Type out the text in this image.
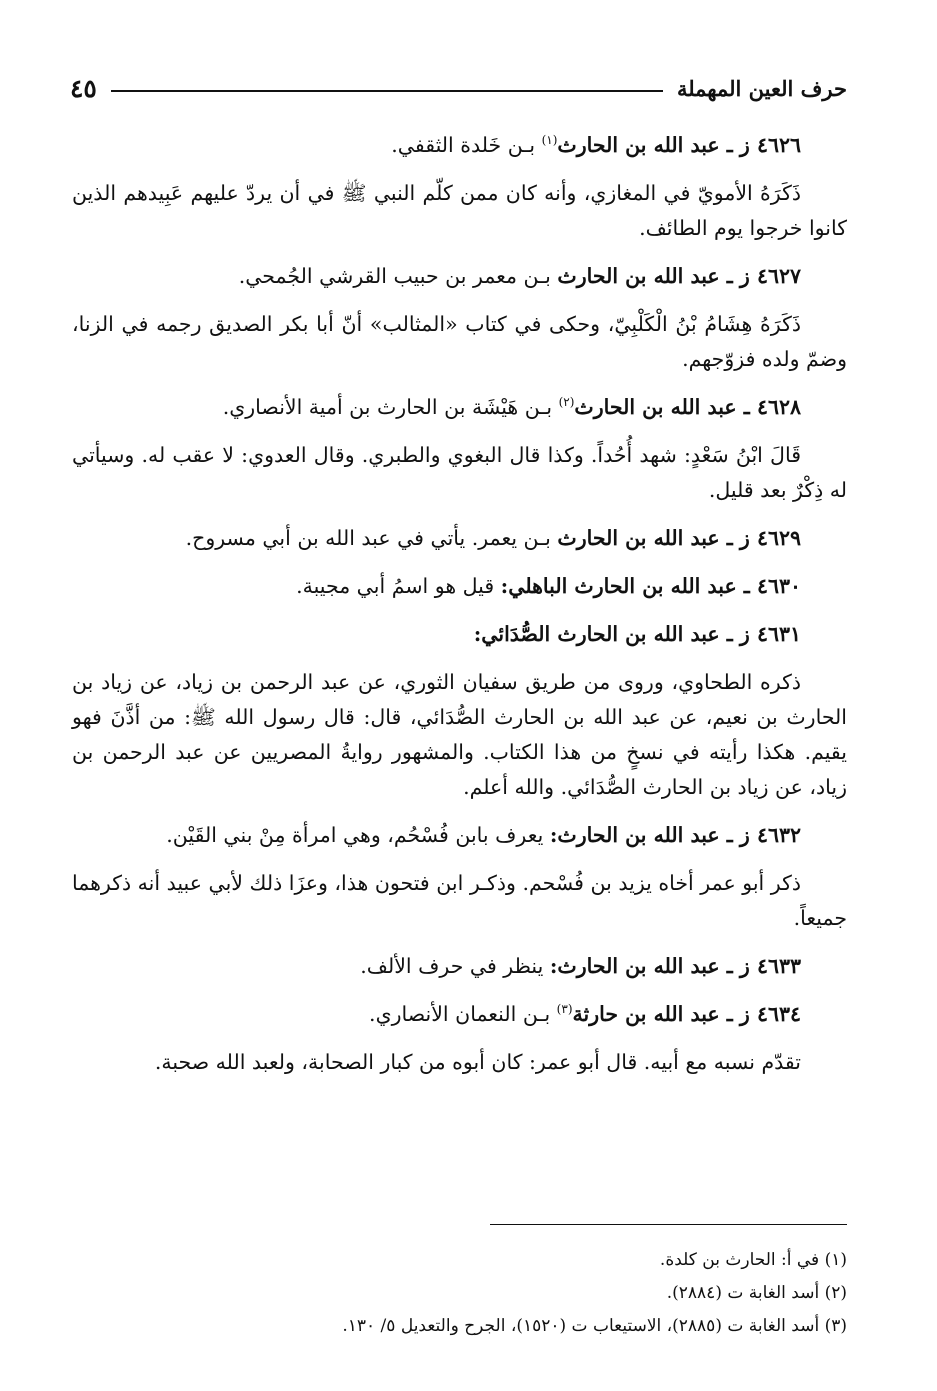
حرف العين المهملة
٤٥
٤٦٢٦ ز ـ عبد الله بن الحارث$^{(١)}$ بـن خَلدة الثقفي.
ذَكَرَهُ الأمويّ في المغازي، وأنه كان ممن كلّم النبي ﷺ في أن يردّ عليهم عَبِيدهم الذين كانوا خرجوا يوم الطائف.
٤٦٢٧ ز ـ عبد الله بن الحارث بـن معمر بن حبيب القرشي الجُمحي.
ذَكَرَهُ هِشَامُ بْنُ الْكَلْبِيّ، وحكى في كتاب «المثالب» أنّ أبا بكر الصديق رجمه في الزنا، وضمّ ولده فزوّجهم.
٤٦٢٨ ـ عبد الله بن الحارث$^{(٢)}$ بـن هَيْشَة بن الحارث بن أمية الأنصاري.
قَالَ ابْنُ سَعْدٍ: شهد أُحُداً. وكذا قال البغوي والطبري. وقال العدوي: لا عقب له. وسيأتي له ذِكْرٌ بعد قليل.
٤٦٢٩ ز ـ عبد الله بن الحارث بـن يعمر. يأتي في عبد الله بن أبي مسروح.
٤٦٣٠ ـ عبد الله بن الحارث الباهلي: قيل هو اسمُ أبي مجيبة.
٤٦٣١ ز ـ عبد الله بن الحارث الصُّدَائي:
ذكره الطحاوي، وروى من طريق سفيان الثوري، عن عبد الرحمن بن زياد، عن زياد بن الحارث بن نعيم، عن عبد الله بن الحارث الصُّدَائي، قال: قال رسول الله ﷺ: من أذَّنَ فهو يقيم. هكذا رأيته في نسخٍ من هذا الكتاب. والمشهور روايةُ المصريين عن عبد الرحمن بن زياد، عن زياد بن الحارث الصُّدَائي. والله أعلم.
٤٦٣٢ ز ـ عبد الله بن الحارث: يعرف بابن فُسْحُم، وهي امرأة مِنْ بني القَيْن.
ذكر أبو عمر أخاه يزيد بن فُسْحم. وذكـر ابن فتحون هذا، وعزَا ذلك لأبي عبيد أنه ذكرهما جميعاً.
٤٦٣٣ ز ـ عبد الله بن الحارث: ينظر في حرف الألف.
٤٦٣٤ ز ـ عبد الله بن حارثة$^{(٣)}$ بـن النعمان الأنصاري.
تقدّم نسبه مع أبيه. قال أبو عمر: كان أبوه من كبار الصحابة، ولعبد الله صحبة.
(١) في أ: الحارث بن كلدة.
(٢) أسد الغابة ت (٢٨٨٤).
(٣) أسد الغابة ت (٢٨٨٥)، الاستيعاب ت (١٥٢٠)، الجرح والتعديل ٥/ ١٣٠.
